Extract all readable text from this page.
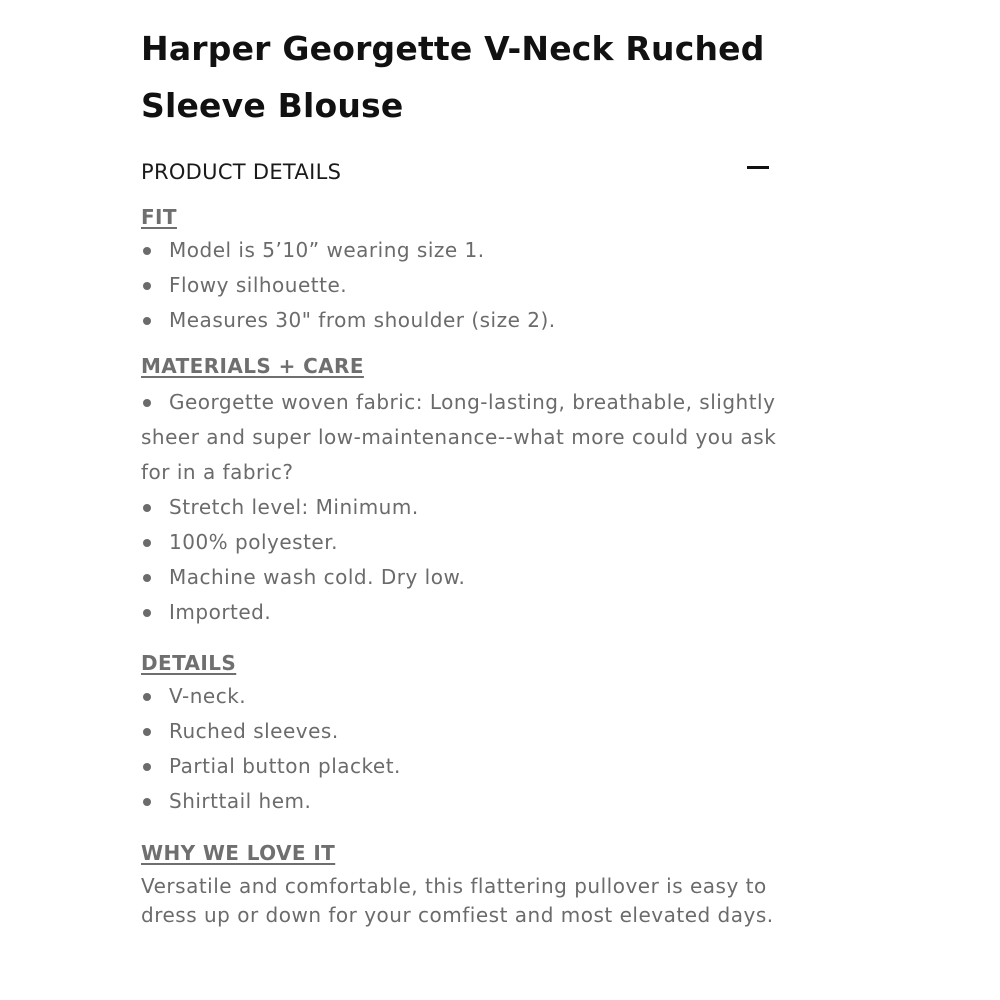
Harper Georgette V-Neck Ruched Sleeve Blouse
PRODUCT DETAILS
FIT
Model is 5’10” wearing size 1.
Flowy silhouette.
Measures 30" from shoulder (size 2).
MATERIALS + CARE

Georgette woven fabric: Long-lasting, breathable, slightly sheer and super low-maintenance--what more could you ask for in a fabric?

Stretch level: Minimum.
100% polyester.
Machine wash cold. Dry low.
Imported.
DETAILS
V-neck.
Ruched sleeves.
Partial button placket.
Shirttail hem.
WHY WE LOVE IT

Versatile and comfortable, this flattering pullover is easy to dress up or down for your comfiest and most elevated days.
